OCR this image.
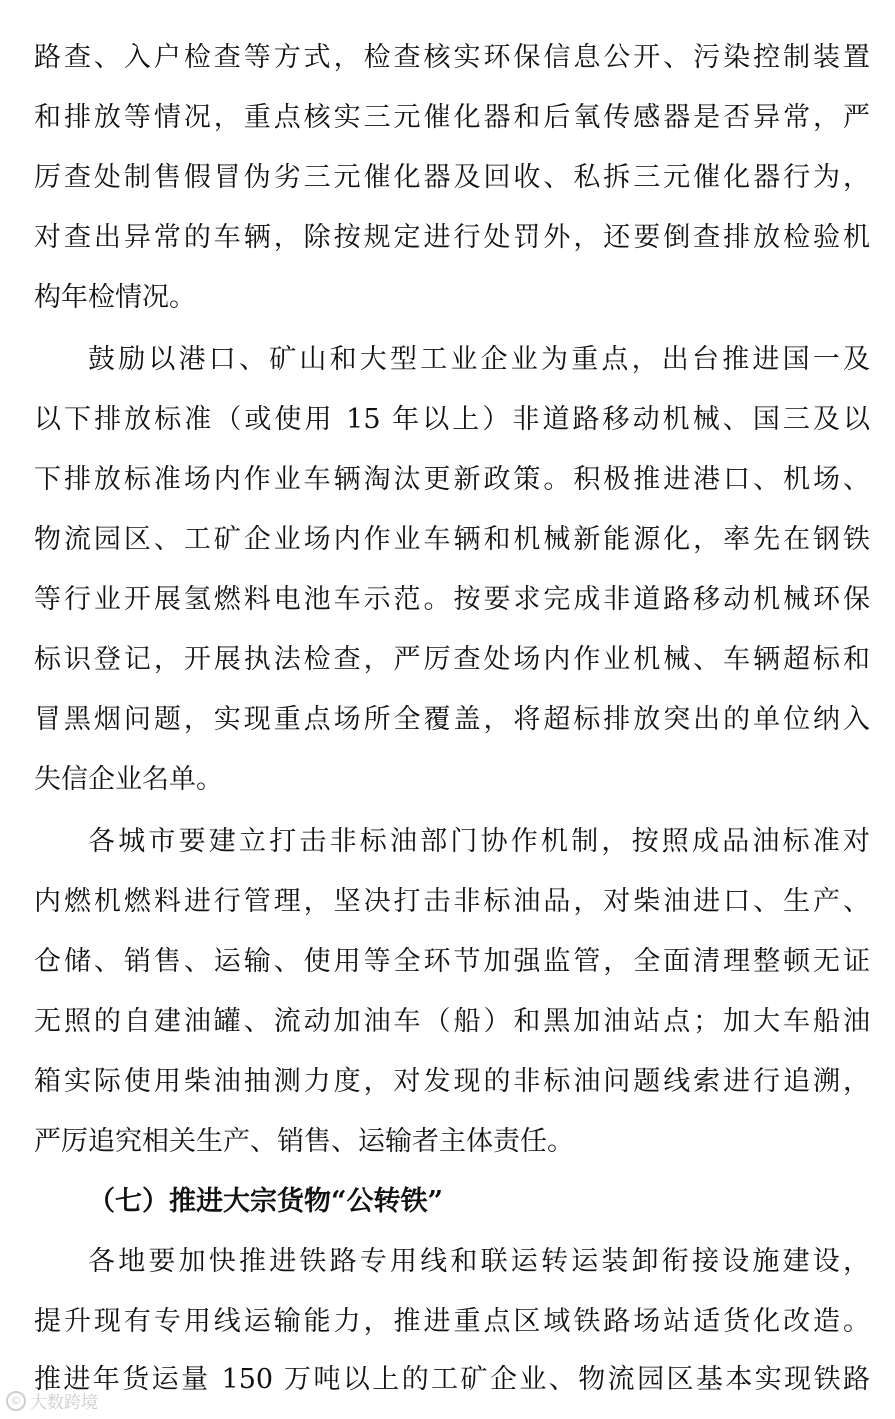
路查、入户检查等方式，检查核实环保信息公开、污染控制装置
和排放等情况，重点核实三元催化器和后氧传感器是否异常，严
厉查处制售假冒伪劣三元催化器及回收、私拆三元催化器行为，
对查出异常的车辆，除按规定进行处罚外，还要倒查排放检验机
构年检情况。
鼓励以港口、矿山和大型工业企业为重点，出台推进国一及
以下排放标准（或使用 15 年以上）非道路移动机械、国三及以
下排放标准场内作业车辆淘汰更新政策。积极推进港口、机场、
物流园区、工矿企业场内作业车辆和机械新能源化，率先在钢铁
等行业开展氢燃料电池车示范。按要求完成非道路移动机械环保
标识登记，开展执法检查，严厉查处场内作业机械、车辆超标和
冒黑烟问题，实现重点场所全覆盖，将超标排放突出的单位纳入
失信企业名单。
各城市要建立打击非标油部门协作机制，按照成品油标准对
内燃机燃料进行管理，坚决打击非标油品，对柴油进口、生产、
仓储、销售、运输、使用等全环节加强监管，全面清理整顿无证
无照的自建油罐、流动加油车（船）和黑加油站点；加大车船油
箱实际使用柴油抽测力度，对发现的非标油问题线索进行追溯，
严厉追究相关生产、销售、运输者主体责任。
（七）推进大宗货物“公转铁”
各地要加快推进铁路专用线和联运转运装卸衔接设施建设，
提升现有专用线运输能力，推进重点区域铁路场站适货化改造。
推进年货运量 150 万吨以上的工矿企业、物流园区基本实现铁路
© 大数跨境
